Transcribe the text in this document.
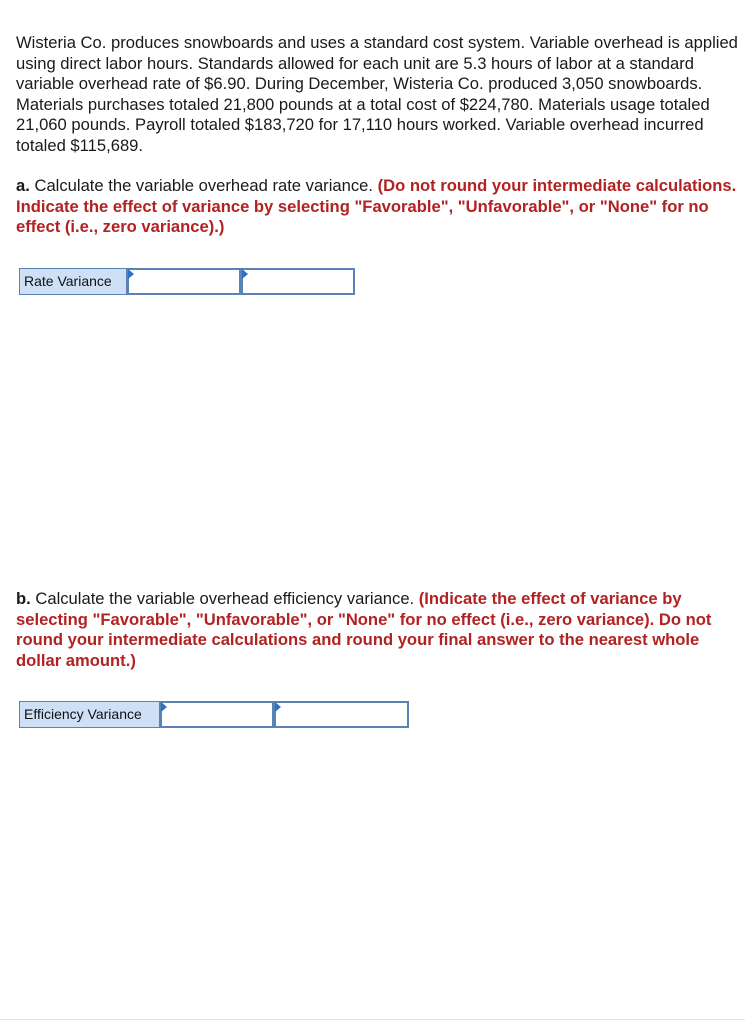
Wisteria Co. produces snowboards and uses a standard cost system. Variable overhead is applied using direct labor hours. Standards allowed for each unit are 5.3 hours of labor at a standard variable overhead rate of $6.90. During December, Wisteria Co. produced 3,050 snowboards. Materials purchases totaled 21,800 pounds at a total cost of $224,780. Materials usage totaled 21,060 pounds. Payroll totaled $183,720 for 17,110 hours worked. Variable overhead incurred totaled $115,689.

a. Calculate the variable overhead rate variance. (Do not round your intermediate calculations. Indicate the effect of variance by selecting "Favorable", "Unfavorable", or "None" for no effect (i.e., zero variance).)

Rate Variance

b. Calculate the variable overhead efficiency variance. (Indicate the effect of variance by selecting "Favorable", "Unfavorable", or "None" for no effect (i.e., zero variance). Do not round your intermediate calculations and round your final answer to the nearest whole dollar amount.)

Efficiency Variance
